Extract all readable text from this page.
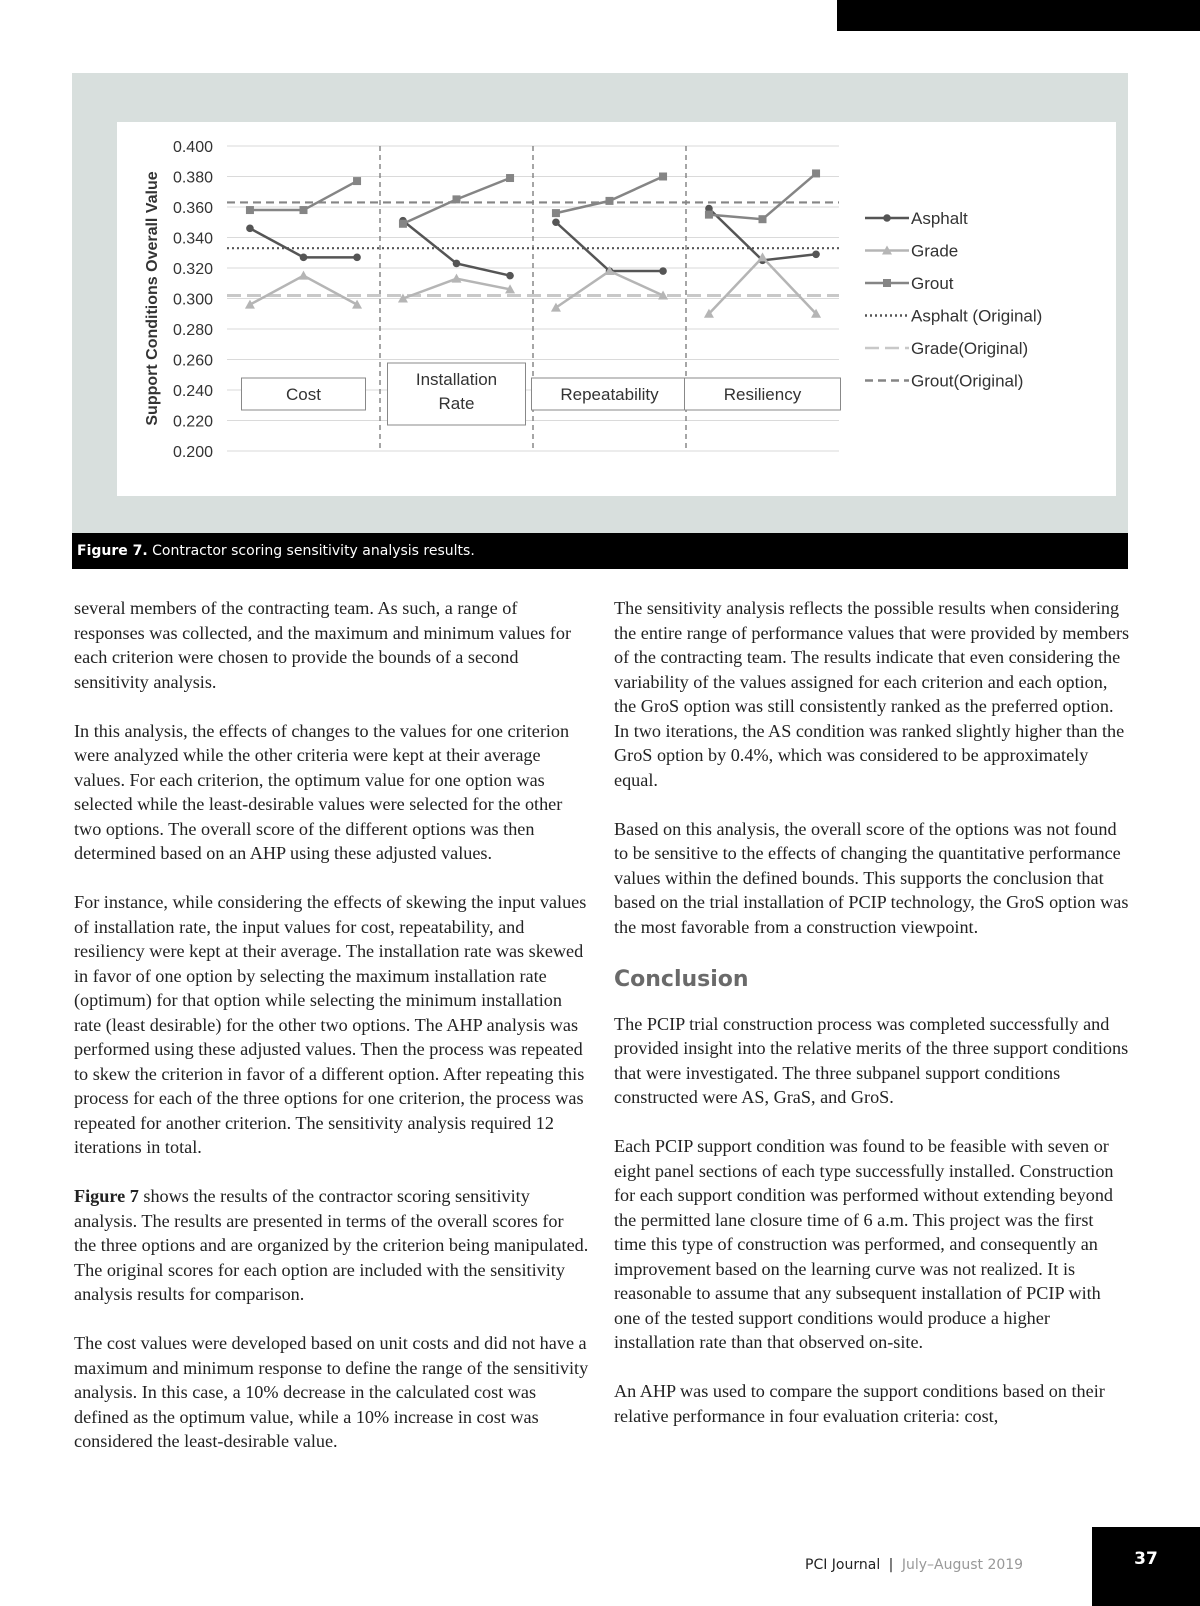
0.400
0.380
0.360
0.340
0.320
0.300
0.280
0.260
0.240
0.220
0.200
Support Conditions Overall Value	Cost
Installation
Rate	Repeatability	Resiliency
Asphalt
Grade
Grout
Asphalt (Original)
Grade(Original)
Grout(Original)
Figure 7. Contractor scoring sensitivity analysis results.

several members of the contracting team. As such, a range of responses was collected, and the maximum and minimum values for each criterion were chosen to provide the bounds of a second sensitivity analysis.

In this analysis, the effects of changes to the values for one criterion were analyzed while the other criteria were kept at their average values. For each criterion, the optimum value for one option was selected while the least-desirable values were selected for the other two options. The overall score of the different options was then determined based on an AHP using these adjusted values.

For instance, while considering the effects of skewing the input values of installation rate, the input values for cost, repeatability, and resiliency were kept at their average. The installation rate was skewed in favor of one option by selecting the maximum installation rate (optimum) for that option while selecting the minimum installation rate (least desirable) for the other two options. The AHP analysis was performed using these adjusted values. Then the process was repeated to skew the criterion in favor of a different option. After repeating this process for each of the three options for one criterion, the process was repeated for another criterion. The sensitivity analysis required 12 iterations in total.

Figure 7 shows the results of the contractor scoring sensitivity analysis. The results are presented in terms of the overall scores for the three options and are organized by the criterion being manipulated. The original scores for each option are included with the sensitivity analysis results for comparison.

The cost values were developed based on unit costs and did not have a maximum and minimum response to define the range of the sensitivity analysis. In this case, a 10% decrease in the calculated cost was defined as the optimum value, while a 10% increase in cost was considered the least-desirable value.

The sensitivity analysis reflects the possible results when considering the entire range of performance values that were provided by members of the contracting team. The results indicate that even considering the variability of the values assigned for each criterion and each option, the GroS option was still consistently ranked as the preferred option. In two iterations, the AS condition was ranked slightly higher than the GroS option by 0.4%, which was considered to be approximately equal.

Based on this analysis, the overall score of the options was not found to be sensitive to the effects of changing the quantitative performance values within the defined bounds. This supports the conclusion that based on the trial installation of PCIP technology, the GroS option was the most favorable from a construction viewpoint.

Conclusion

The PCIP trial construction process was completed successfully and provided insight into the relative merits of the three support conditions that were investigated. The three subpanel support conditions constructed were AS, GraS, and GroS.

Each PCIP support condition was found to be feasible with seven or eight panel sections of each type successfully installed. Construction for each support condition was performed without extending beyond the permitted lane closure time of 6 a.m. This project was the first time this type of construction was performed, and consequently an improvement based on the learning curve was not realized. It is reasonable to assume that any subsequent installation of PCIP with one of the tested support conditions would produce a higher installation rate than that observed on-site.

An AHP was used to compare the support conditions based on their relative performance in four evaluation criteria: cost,

PCI Journal | July–August 2019	37
